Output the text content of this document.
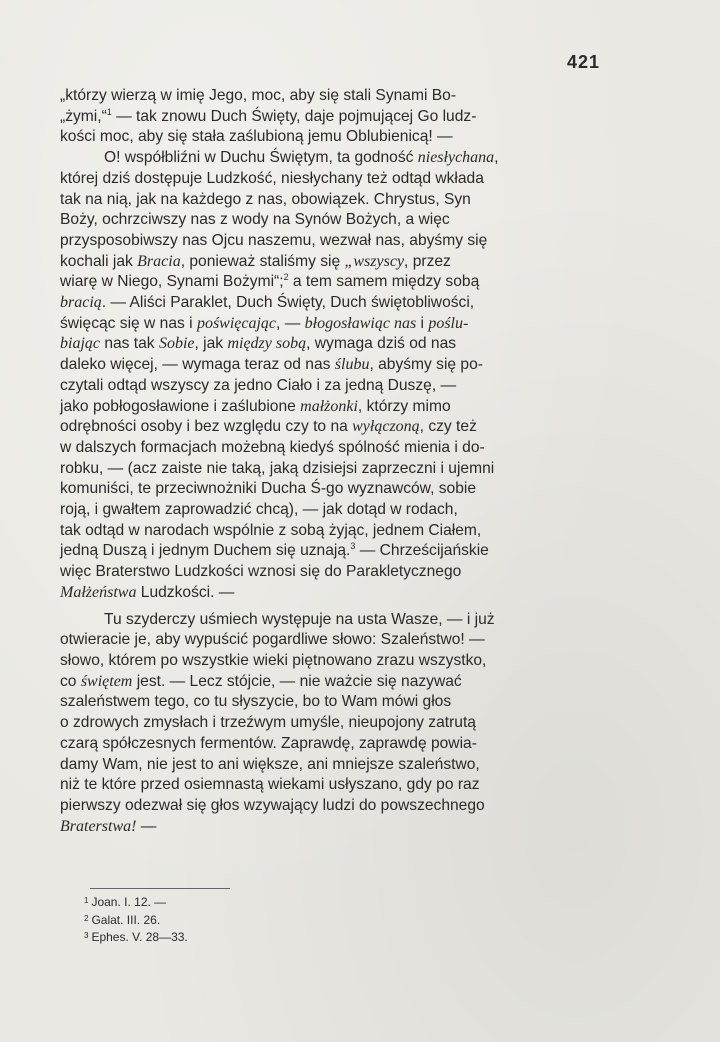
421

„którzy wierzą w imię Jego, moc, aby się stali Synami Bo-
„żymi,“$^1$ — tak znowu Duch Święty, daje pojmującej Go ludz-
kości moc, aby się stała zaślubioną jemu Oblubienicą! —

O! współbliźni w Duchu Świętym, ta godność niesłychana,
której dziś dostępuje Ludzkość, niesłychany też odtąd wkłada
tak na nią, jak na każdego z nas, obowiązek. Chrystus, Syn
Boży, ochrzciwszy nas z wody na Synów Bożych, a więc
przysposobiwszy nas Ojcu naszemu, wezwał nas, abyśmy się
kochali jak Bracia, ponieważ staliśmy się „wszyscy, przez
wiarę w Niego, Synami Bożymi“;$^2$ a tem samem między sobą
bracią. — Aliści Paraklet, Duch Święty, Duch świętobliwości,
święcąc się w nas i poświęcając, — błogosławiąc nas i poślu-
biając nas tak Sobie, jak między sobą, wymaga dziś od nas
daleko więcej, — wymaga teraz od nas ślubu, abyśmy się po-
czytali odtąd wszyscy za jedno Ciało i za jedną Duszę, —
jako pobłogosławione i zaślubione małżonki, którzy mimo
odrębności osoby i bez względu czy to na wyłączoną, czy też
w dalszych formacjach możebną kiedyś spólność mienia i do-
robku, — (acz zaiste nie taką, jaką dzisiejsi zaprzeczni i ujemni
komuniści, te przeciwnożniki Ducha Ś-go wyznawców, sobie
roją, i gwałtem zaprowadzić chcą), — jak dotąd w rodach,
tak odtąd w narodach wspólnie z sobą żyjąc, jednem Ciałem,
jedną Duszą i jednym Duchem się uznają.$^3$ — Chrześcijańskie
więc Braterstwo Ludzkości wznosi się do Parakletycznego
Małżeństwa Ludzkości. —

Tu szyderczy uśmiech występuje na usta Wasze, — i już
otwieracie je, aby wypuścić pogardliwe słowo: Szaleństwo! —
słowo, którem po wszystkie wieki piętnowano zrazu wszystko,
co świętem jest. — Lecz stójcie, — nie ważcie się nazywać
szaleństwem tego, co tu słyszycie, bo to Wam mówi głos
o zdrowych zmysłach i trzeźwym umyśle, nieupojony zatrutą
czarą spółczesnych fermentów. Zaprawdę, zaprawdę powia-
damy Wam, nie jest to ani większe, ani mniejsze szaleństwo,
niż te które przed osiemnastą wiekami usłyszano, gdy po raz
pierwszy odezwał się głos wzywający ludzi do powszechnego
Braterstwa! —

$^1$ Joan. I. 12. —
$^2$ Galat. III. 26.
$^3$ Ephes. V. 28—33.
